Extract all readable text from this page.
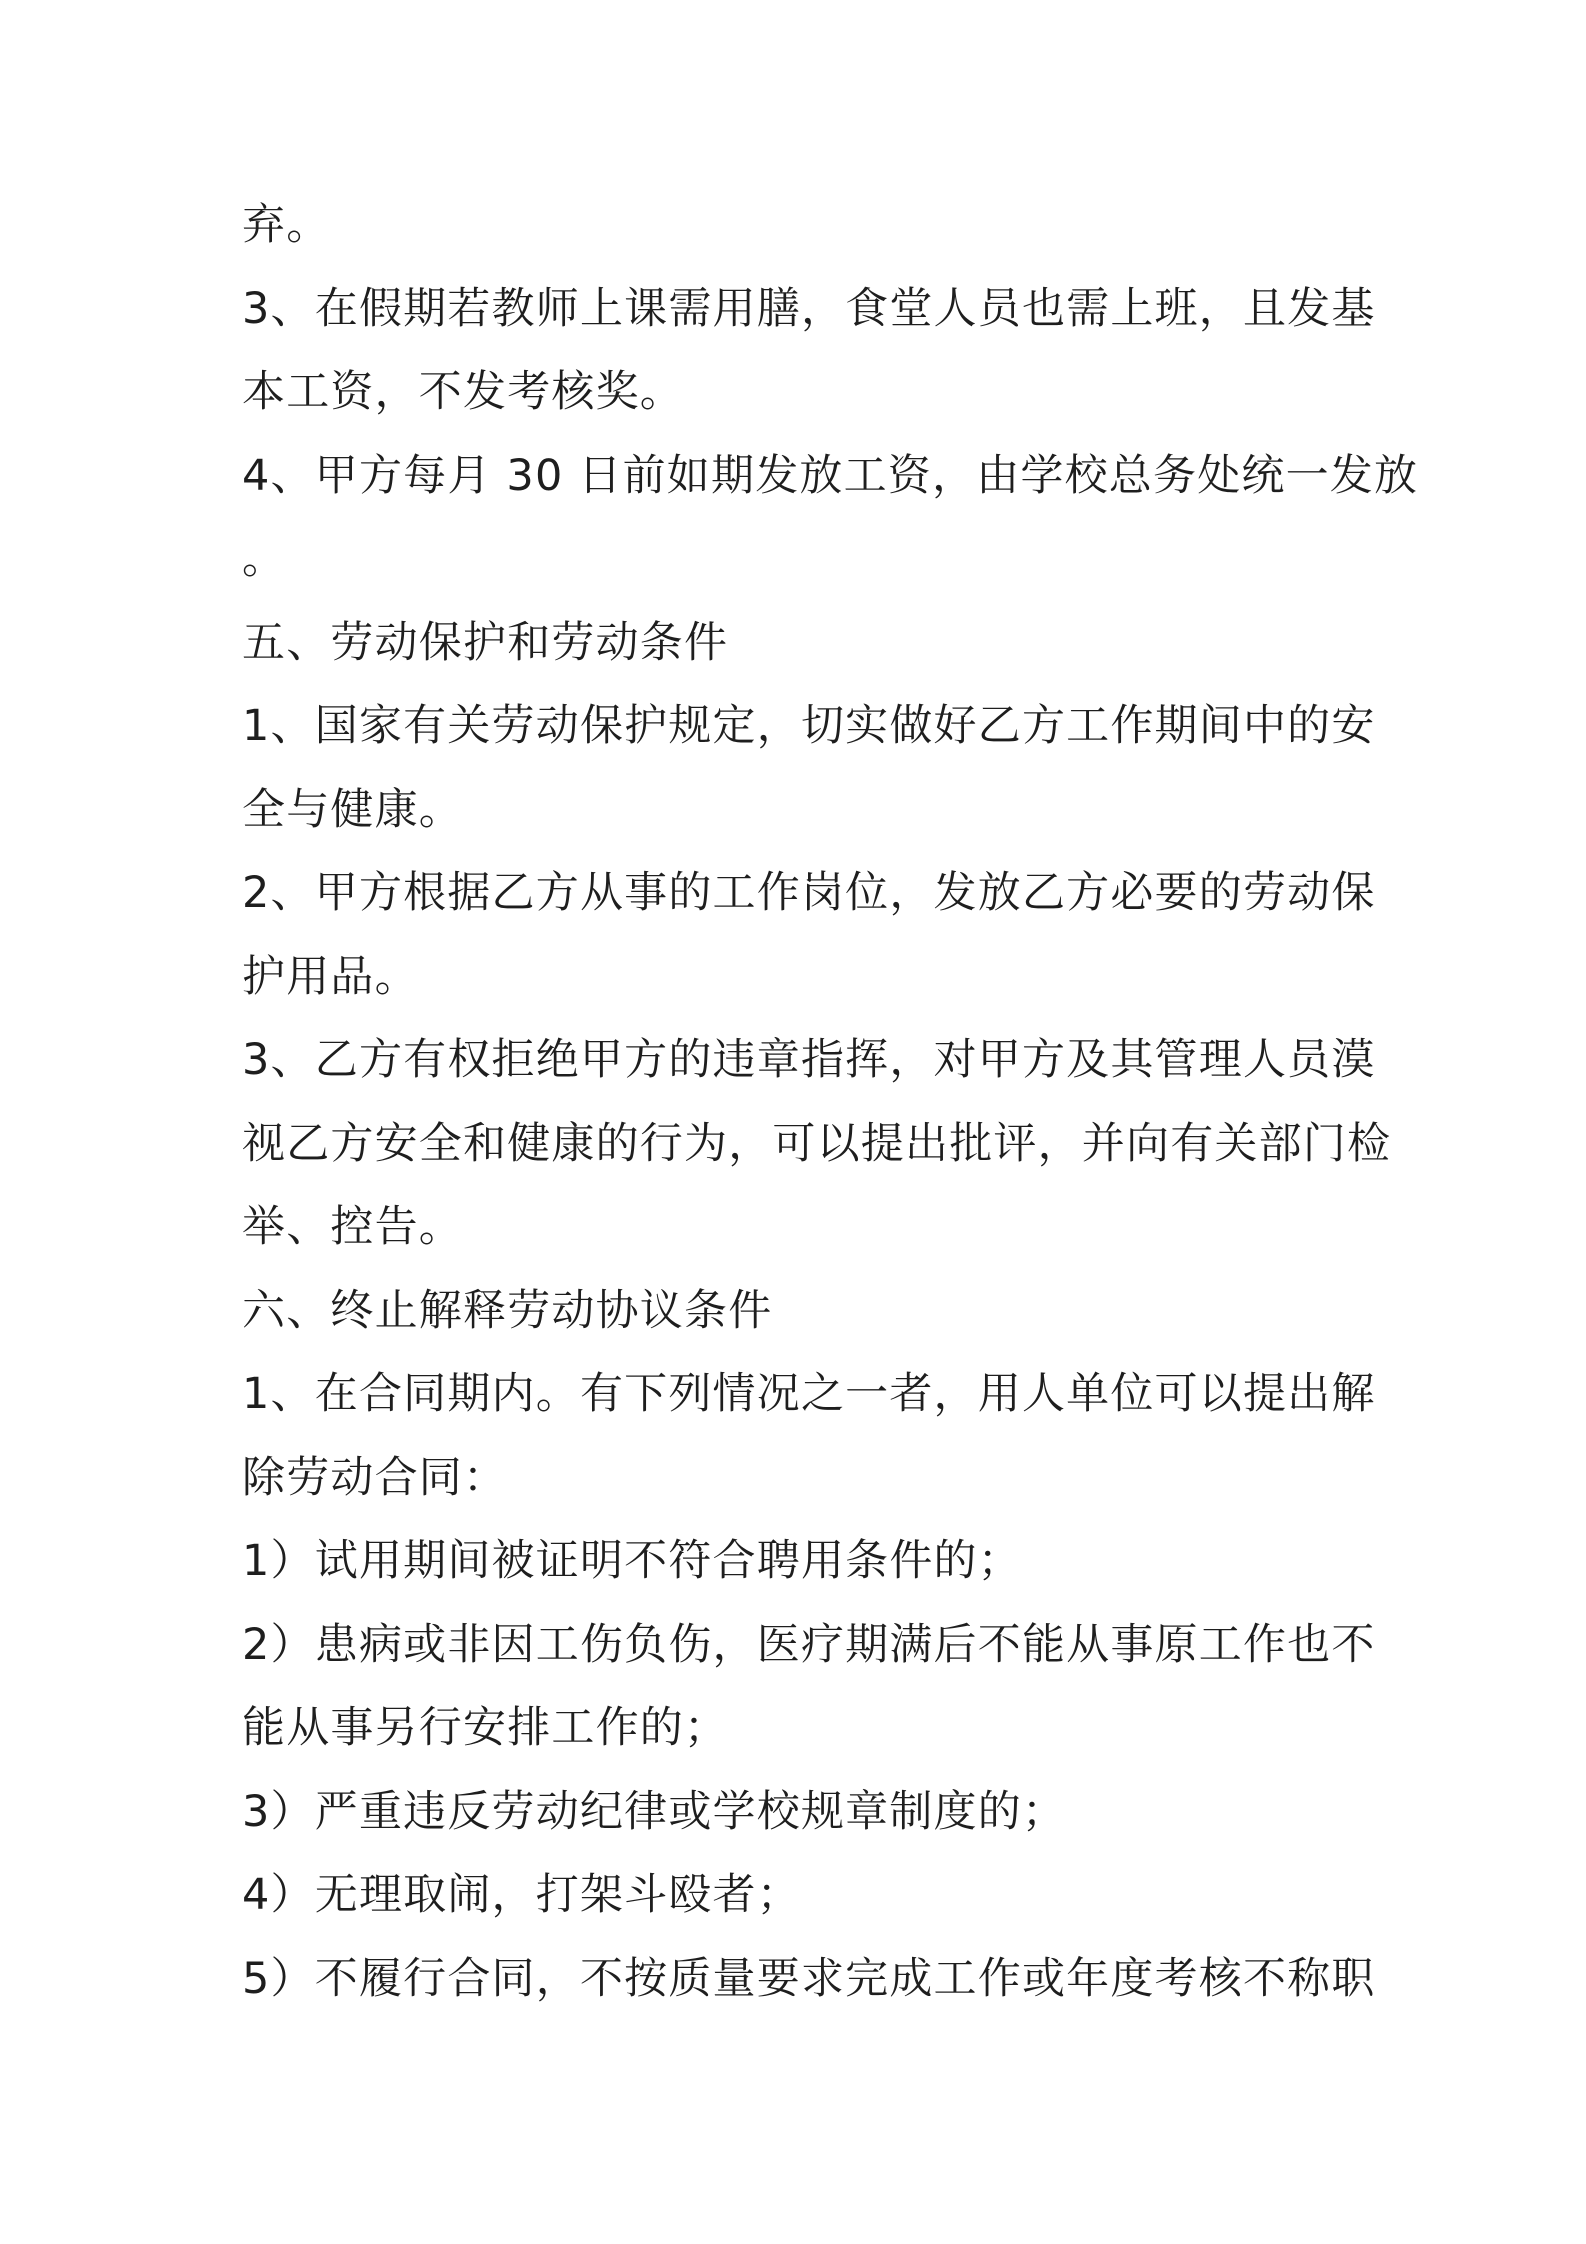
弃。
3、在假期若教师上课需用膳，食堂人员也需上班，且发基
本工资，不发考核奖。
4、甲方每月 30 日前如期发放工资，由学校总务处统一发放
。
五、劳动保护和劳动条件
1、国家有关劳动保护规定，切实做好乙方工作期间中的安
全与健康。
2、甲方根据乙方从事的工作岗位，发放乙方必要的劳动保
护用品。
3、乙方有权拒绝甲方的违章指挥，对甲方及其管理人员漠
视乙方安全和健康的行为，可以提出批评，并向有关部门检
举、控告。
六、终止解释劳动协议条件
1、在合同期内。有下列情况之一者，用人单位可以提出解
除劳动合同：
1）试用期间被证明不符合聘用条件的；
2）患病或非因工伤负伤，医疗期满后不能从事原工作也不
能从事另行安排工作的；
3）严重违反劳动纪律或学校规章制度的；
4）无理取闹，打架斗殴者；
5）不履行合同，不按质量要求完成工作或年度考核不称职
